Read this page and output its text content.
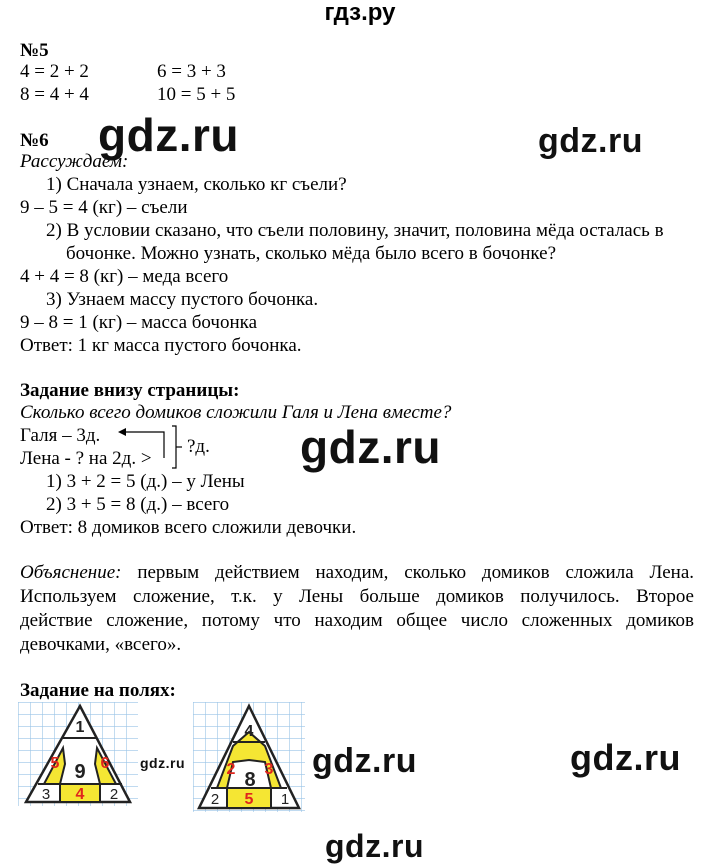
гдз.ру
№5
4 = 2 + 2	6 = 3 + 3
8 = 4 + 4	10 = 5 + 5
№6
Рассуждаем:
1) Сначала узнаем, сколько кг съели?
9 – 5 = 4 (кг) – съели
2) В условии сказано, что съели половину, значит, половина мёда осталась в
бочонке. Можно узнать, сколько мёда было всего в бочонке?
4 + 4 = 8 (кг) – меда всего
3) Узнаем массу пустого бочонка.
9 – 8 = 1 (кг) – масса бочонка
Ответ: 1 кг масса пустого бочонка.
Задание внизу страницы:
Сколько всего домиков сложили Галя и Лена вместе?
Галя – 3д.
Лена - ? на 2д. >
?д.
1) 3 + 2 = 5 (д.) – у Лены
2) 3 + 5 = 8 (д.) – всего
Ответ: 8 домиков всего сложили девочки.
Объяснение: первым действием находим, сколько домиков сложила Лена.
Используем сложение, т.к. у Лены больше домиков получилось. Второе
действие сложение, потому что находим общее число сложенных домиков
девочками, «всего».
Задание на полях:
1
5	6
9
3 4 2
4
2 3
8
2 5 1
gdz.ru	gdz.ru
gdz.ru
gdz.ru	gdz.ru	gdz.ru
gdz.ru
